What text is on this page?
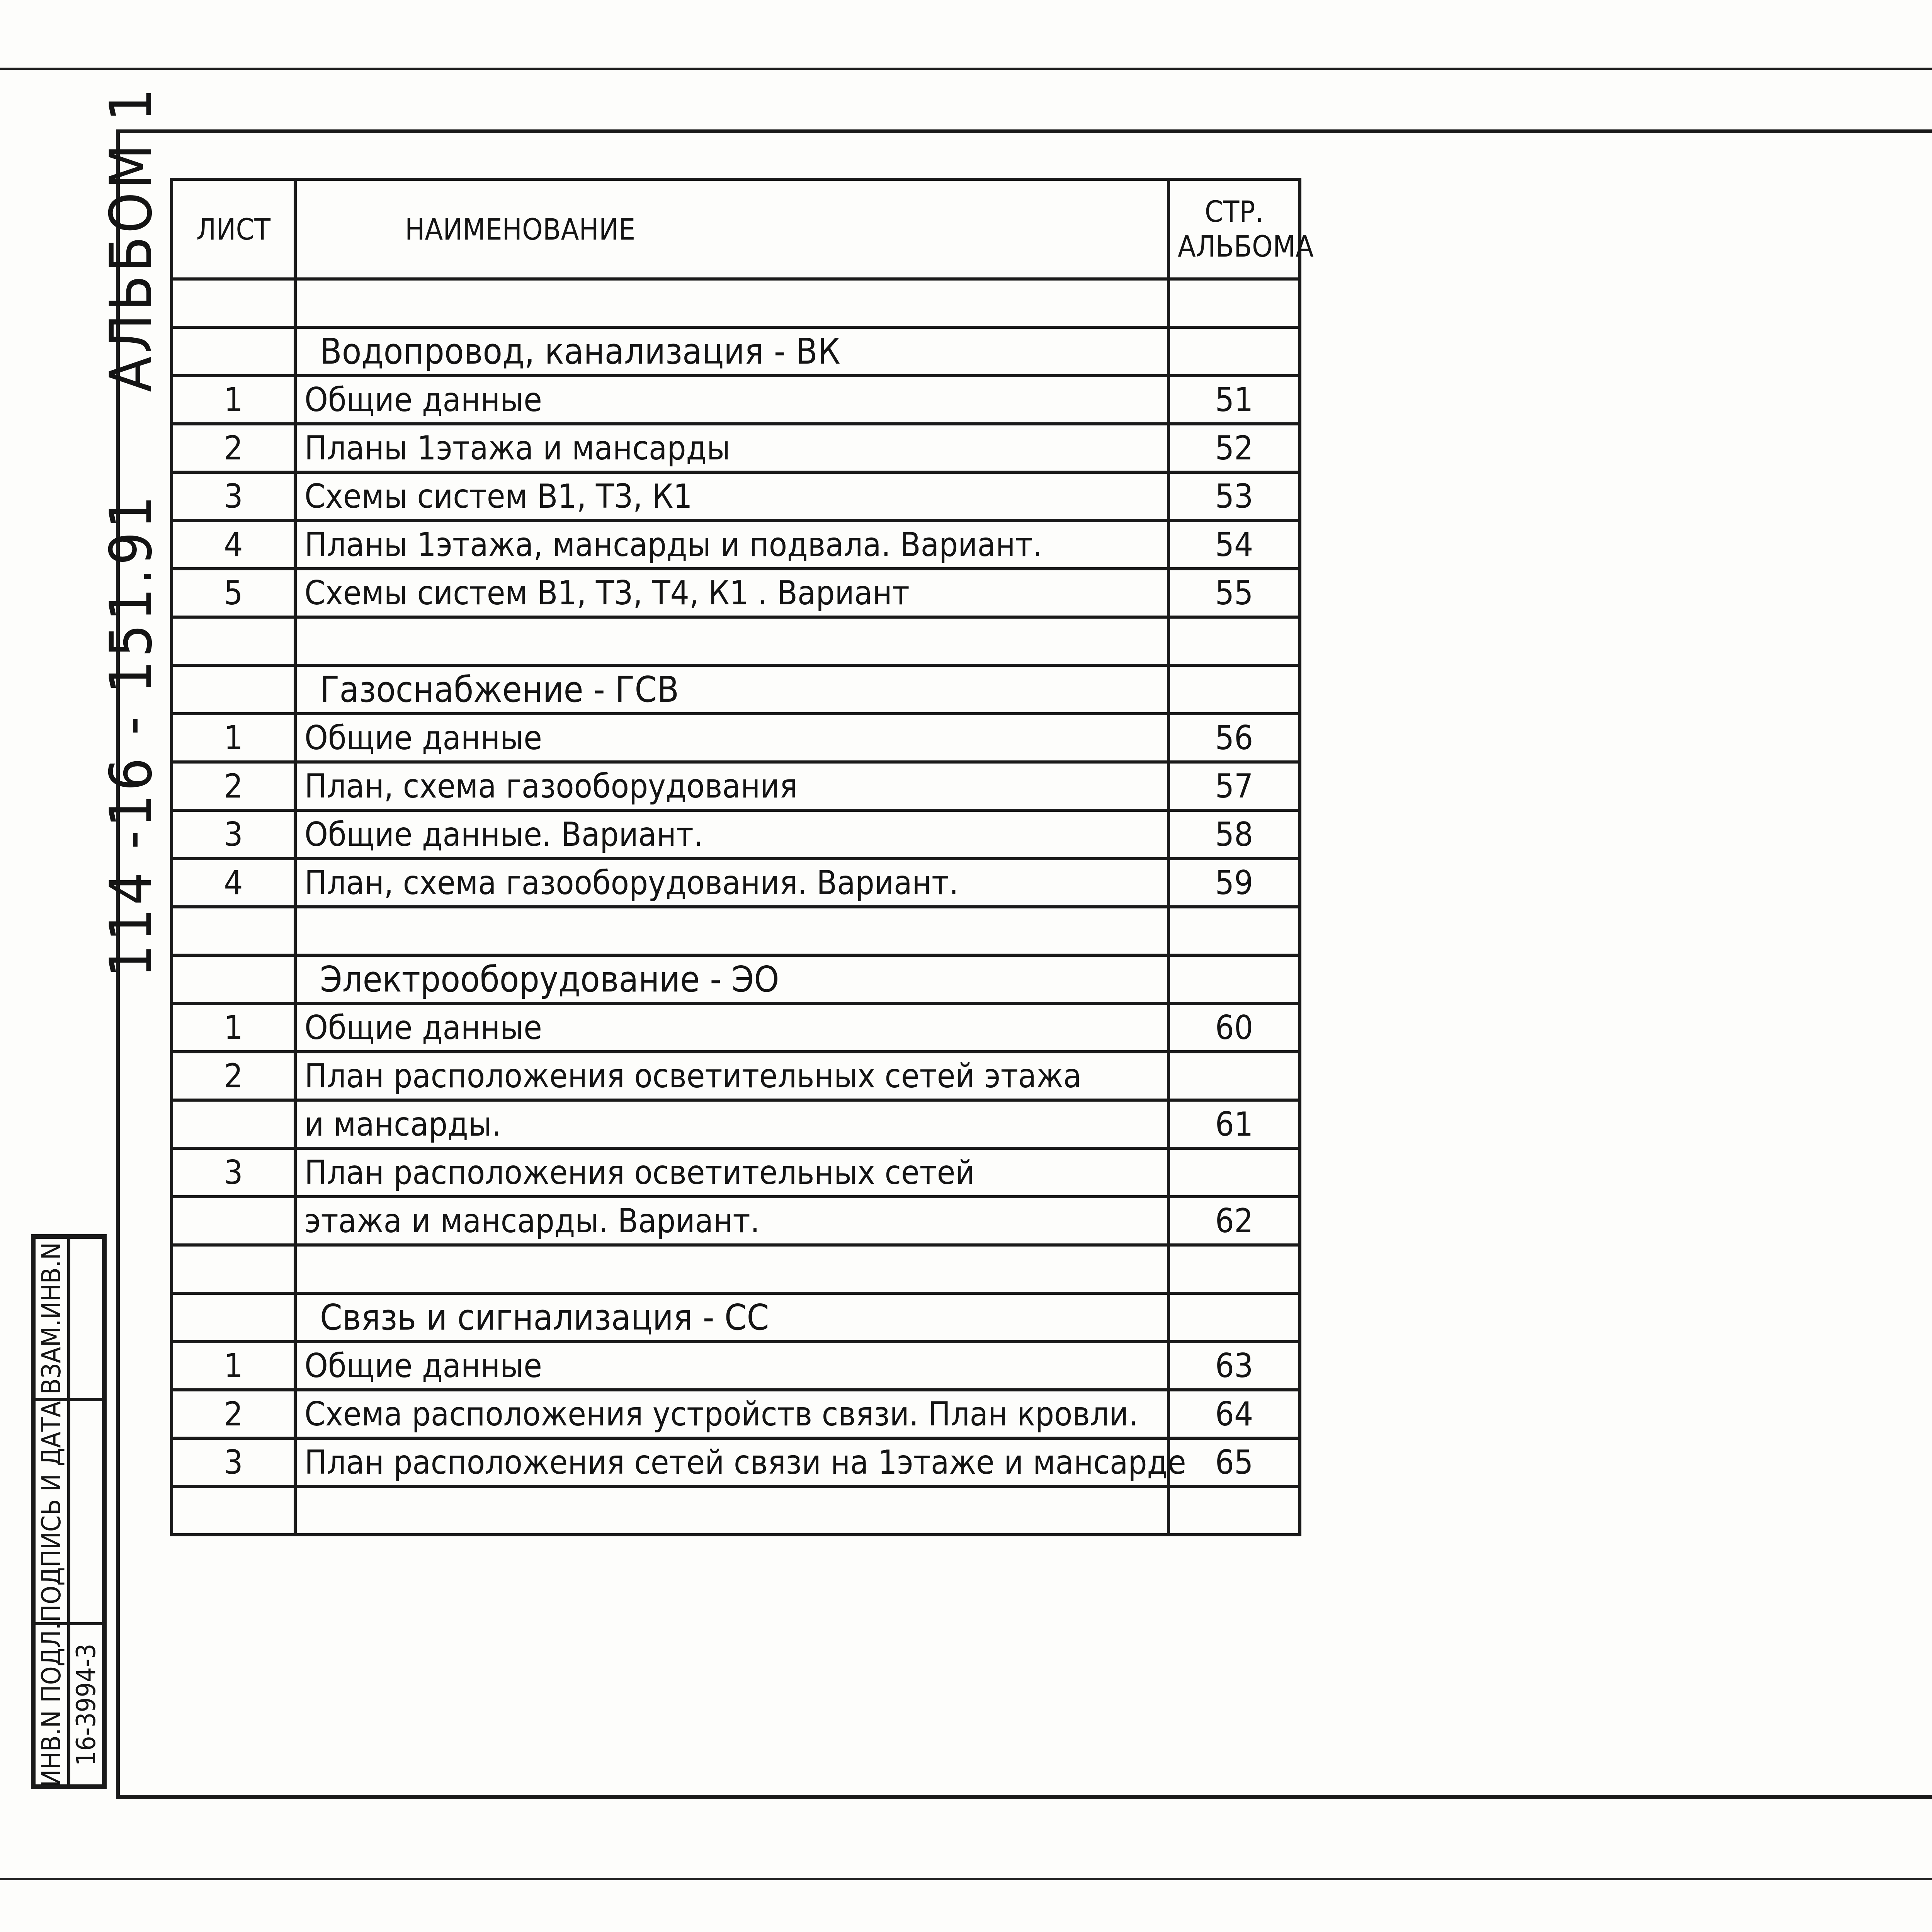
114 -16 - 151.91
АЛЬБОМ 1
ИНВ.N ПОДЛ.
ПОДПИСЬ И ДАТА
ВЗАМ.ИНВ.N
16-3994-3
ЛИСТ	НАИМЕНОВАНИЕ	СТР. АЛЬБОМА

	Водопровод, канализация - ВК	
1	Общие данные	51
2	Планы 1этажа и мансарды	52
3	Схемы систем В1, Т3, К1	53
4	Планы 1этажа, мансарды и подвала. Вариант.	54
5	Схемы систем В1, Т3, Т4, К1 . Вариант	55

	Газоснабжение - ГСВ	
1	Общие данные	56
2	План, схема газооборудования	57
3	Общие данные. Вариант.	58
4	План, схема газооборудования. Вариант.	59

	Электрооборудование - ЭО	
1	Общие данные	60
2	План расположения осветительных сетей этажа	
	и мансарды.	61
3	План расположения осветительных сетей	
	этажа и мансарды. Вариант.	62

	Связь и сигнализация - СС	
1	Общие данные	63
2	Схема расположения устройств связи. План кровли.	64
3	План расположения сетей связи на 1этаже и мансарде	65
